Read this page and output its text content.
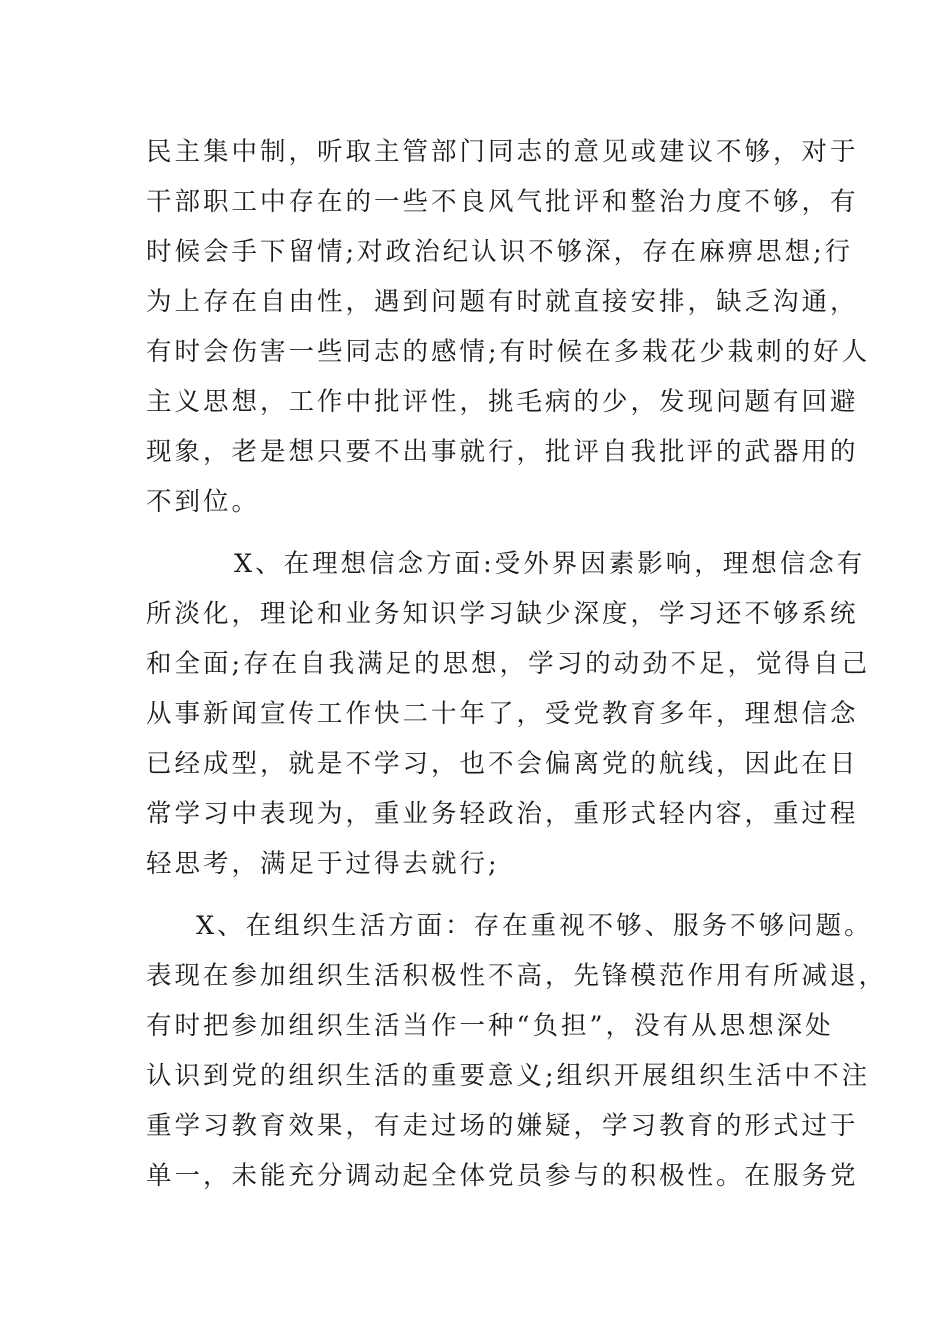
民主集中制，听取主管部门同志的意见或建议不够，对于
干部职工中存在的一些不良风气批评和整治力度不够，有
时候会手下留情;对政治纪认识不够深，存在麻痹思想;行
为上存在自由性，遇到问题有时就直接安排，缺乏沟通，
有时会伤害一些同志的感情;有时候在多栽花少栽刺的好人
主义思想，工作中批评性，挑毛病的少，发现问题有回避
现象，老是想只要不出事就行，批评自我批评的武器用的
不到位。
X、在理想信念方面:受外界因素影响，理想信念有
所淡化，理论和业务知识学习缺少深度，学习还不够系统
和全面;存在自我满足的思想，学习的动劲不足，觉得自己
从事新闻宣传工作快二十年了，受党教育多年，理想信念
已经成型，就是不学习，也不会偏离党的航线，因此在日
常学习中表现为，重业务轻政治，重形式轻内容，重过程
轻思考，满足于过得去就行;
X、在组织生活方面：存在重视不够、服务不够问题。
表现在参加组织生活积极性不高，先锋模范作用有所减退，
有时把参加组织生活当作一种“负担”，没有从思想深处
认识到党的组织生活的重要意义;组织开展组织生活中不注
重学习教育效果，有走过场的嫌疑，学习教育的形式过于
单一，未能充分调动起全体党员参与的积极性。在服务党
